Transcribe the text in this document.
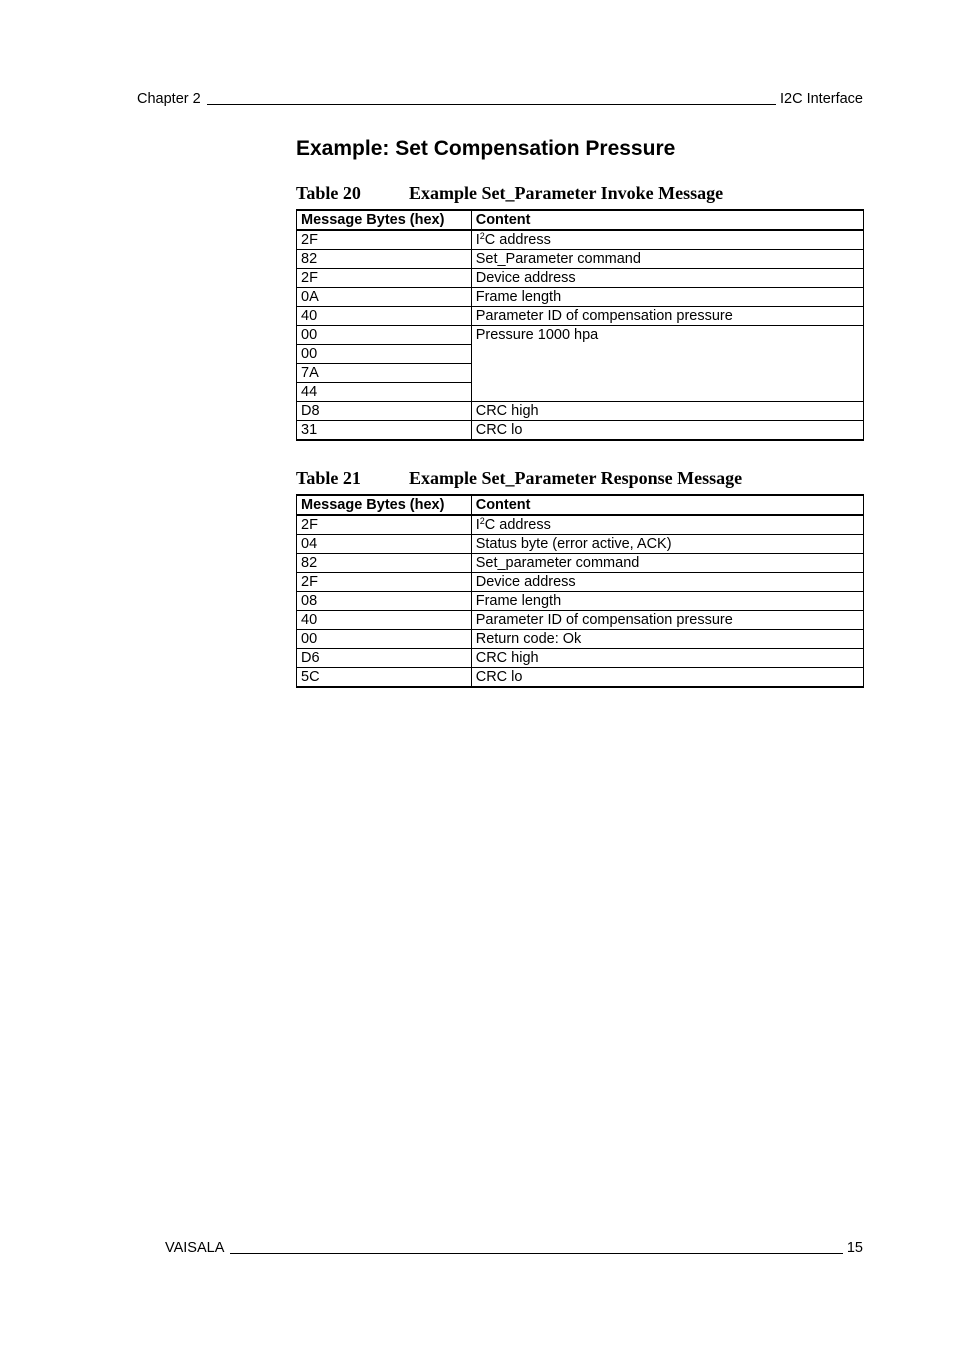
Chapter 2	I2C Interface
Example: Set Compensation Pressure
Table 20	Example Set_Parameter Invoke Message
Message Bytes (hex)	Content
2F	$I^2C$ address
82	Set_Parameter command
2F	Device address
0A	Frame length
40	Parameter ID of compensation pressure
00	Pressure 1000 hpa
00	
7A	
44	
D8	CRC high
31	CRC lo
Table 21	Example Set_Parameter Response Message
Message Bytes (hex)	Content
2F	$I^2C$ address
04	Status byte (error active, ACK)
82	Set_parameter command
2F	Device address
08	Frame length
40	Parameter ID of compensation pressure
00	Return code: Ok
D6	CRC high
5C	CRC lo
VAISALA	15
